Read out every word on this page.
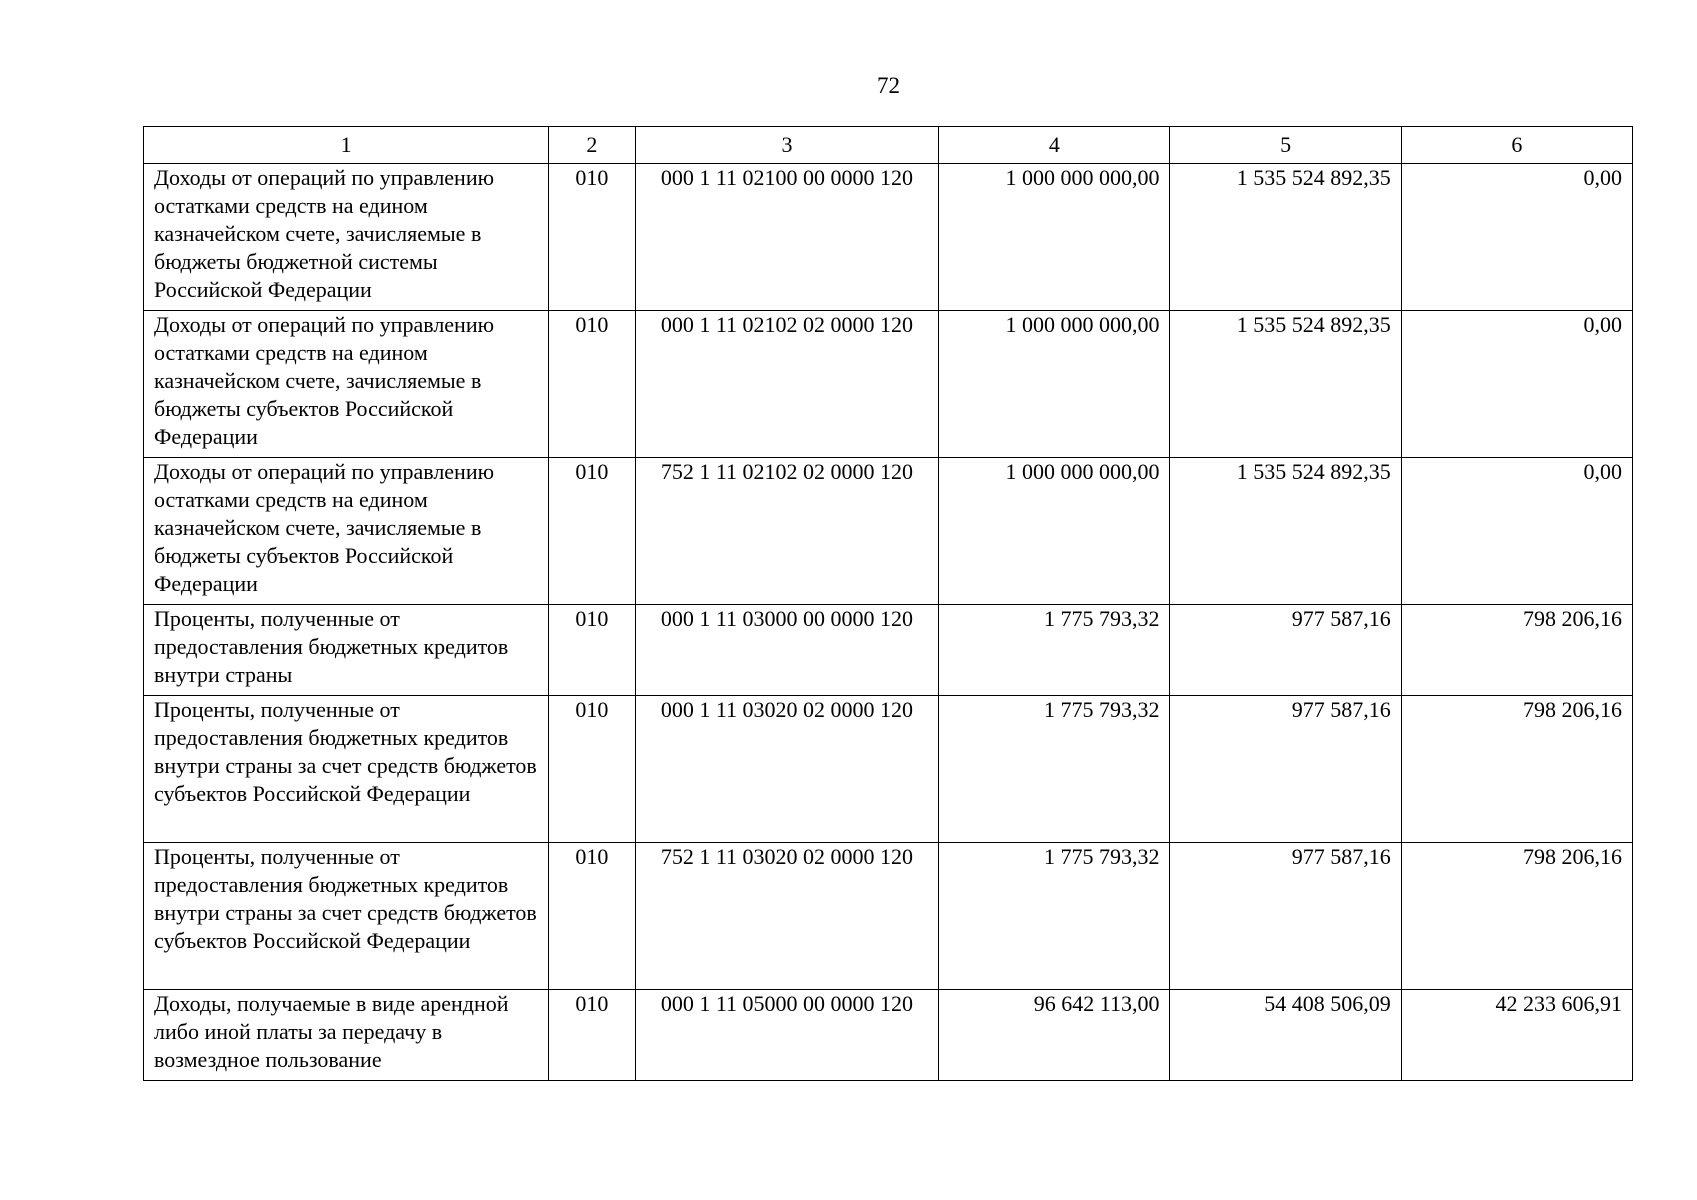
72
1	2	3	4	5	6
Доходы от операций по управлению остатками средств на едином казначейском счете, зачисляемые в бюджеты бюджетной системы Российской Федерации	010	000 1 11 02100 00 0000 120	1 000 000 000,00	1 535 524 892,35	0,00
Доходы от операций по управлению остатками средств на едином казначейском счете, зачисляемые в бюджеты субъектов Российской Федерации	010	000 1 11 02102 02 0000 120	1 000 000 000,00	1 535 524 892,35	0,00
Доходы от операций по управлению остатками средств на едином казначейском счете, зачисляемые в бюджеты субъектов Российской Федерации	010	752 1 11 02102 02 0000 120	1 000 000 000,00	1 535 524 892,35	0,00
Проценты, полученные от предоставления бюджетных кредитов внутри страны	010	000 1 11 03000 00 0000 120	1 775 793,32	977 587,16	798 206,16
Проценты, полученные от предоставления бюджетных кредитов внутри страны за счет средств бюджетов субъектов Российской Федерации	010	000 1 11 03020 02 0000 120	1 775 793,32	977 587,16	798 206,16
Проценты, полученные от предоставления бюджетных кредитов внутри страны за счет средств бюджетов субъектов Российской Федерации	010	752 1 11 03020 02 0000 120	1 775 793,32	977 587,16	798 206,16
Доходы, получаемые в виде арендной либо иной платы за передачу в возмездное пользование	010	000 1 11 05000 00 0000 120	96 642 113,00	54 408 506,09	42 233 606,91
